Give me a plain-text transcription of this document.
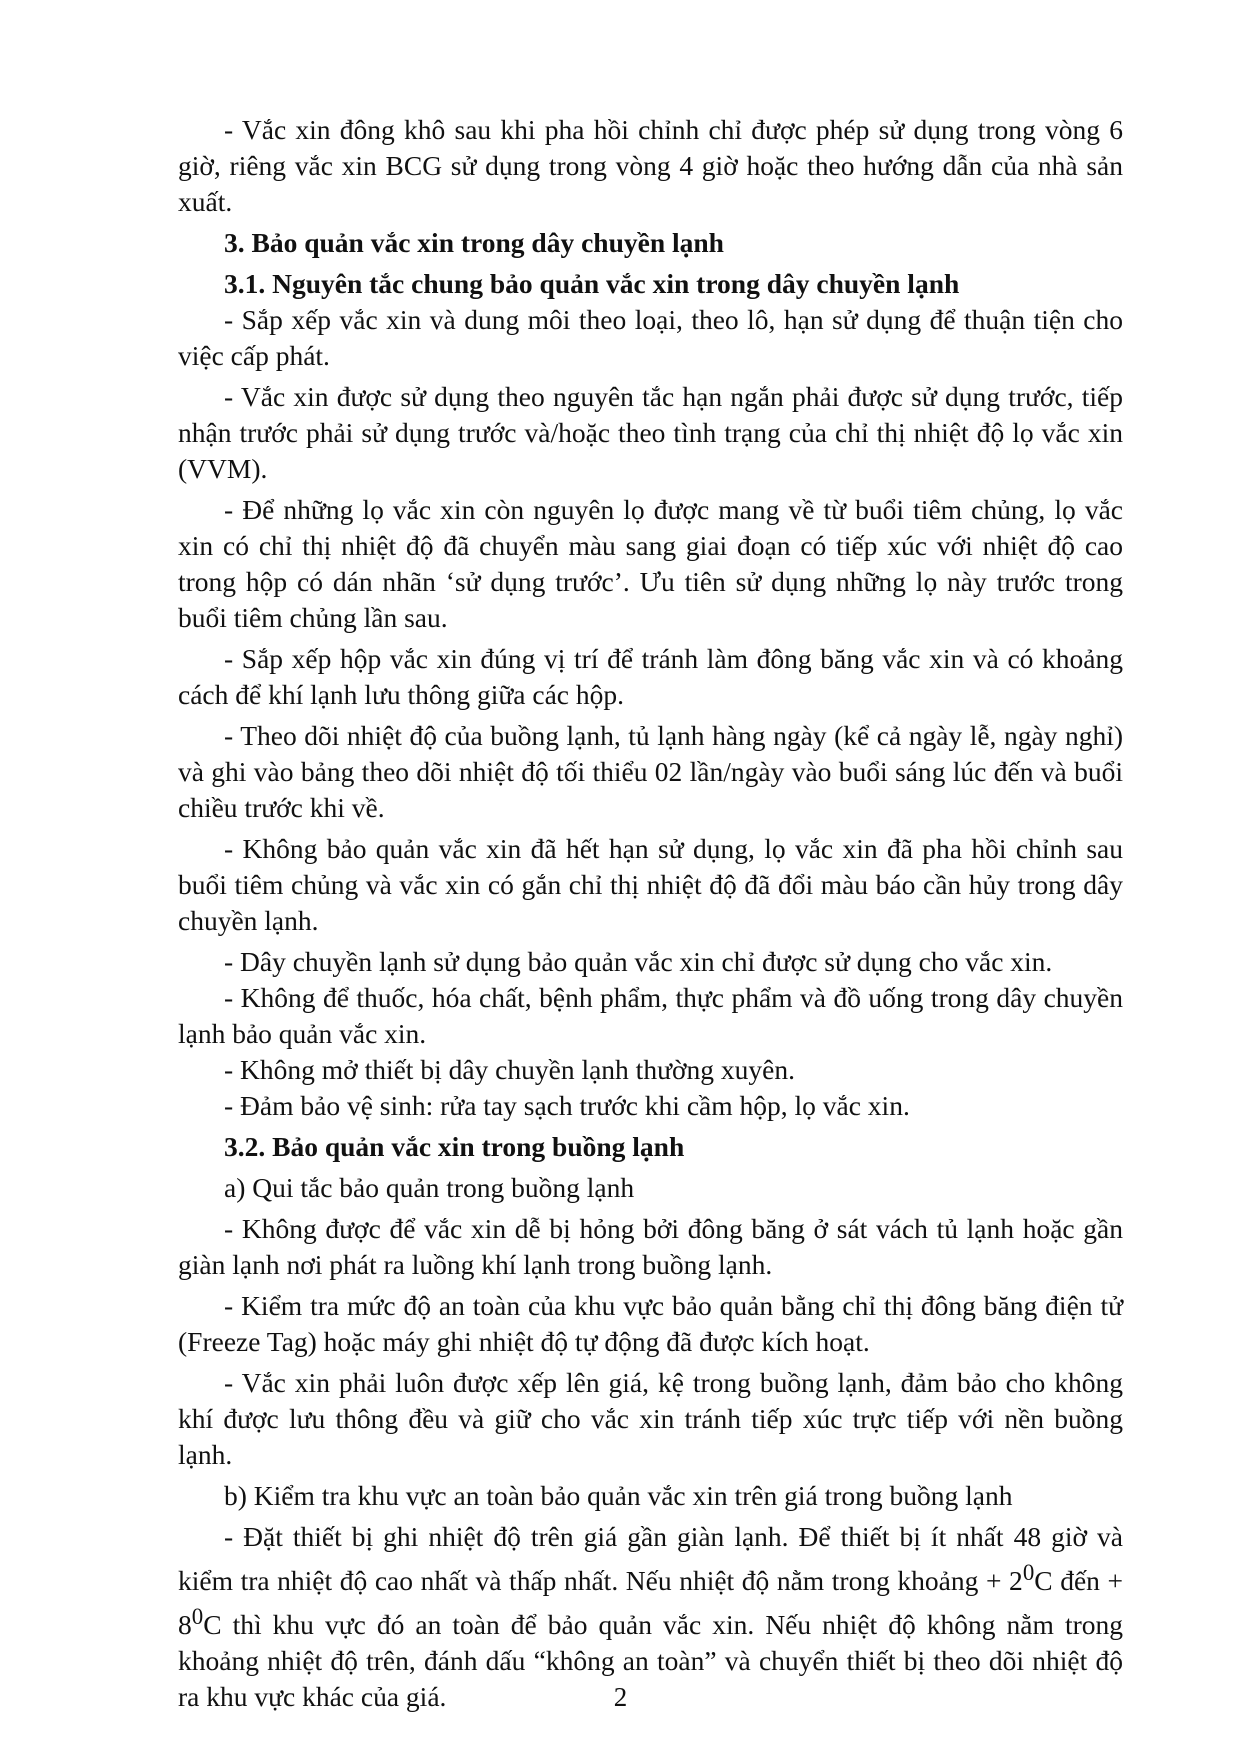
- Vắc xin đông khô sau khi pha hồi chỉnh chỉ được phép sử dụng trong vòng 6 giờ, riêng vắc xin BCG sử dụng trong vòng 4 giờ hoặc theo hướng dẫn của nhà sản xuất.

3. Bảo quản vắc xin trong dây chuyền lạnh

3.1. Nguyên tắc chung bảo quản vắc xin trong dây chuyền lạnh

- Sắp xếp vắc xin và dung môi theo loại, theo lô, hạn sử dụng để thuận tiện cho việc cấp phát.

- Vắc xin được sử dụng theo nguyên tắc hạn ngắn phải được sử dụng trước, tiếp nhận trước phải sử dụng trước và/hoặc theo tình trạng của chỉ thị nhiệt độ lọ vắc xin (VVM).

- Để những lọ vắc xin còn nguyên lọ được mang về từ buổi tiêm chủng, lọ vắc xin có chỉ thị nhiệt độ đã chuyển màu sang giai đoạn có tiếp xúc với nhiệt độ cao trong hộp có dán nhãn ‘sử dụng trước’. Ưu tiên sử dụng những lọ này trước trong buổi tiêm chủng lần sau.

- Sắp xếp hộp vắc xin đúng vị trí để tránh làm đông băng vắc xin và có khoảng cách để khí lạnh lưu thông giữa các hộp.

- Theo dõi nhiệt độ của buồng lạnh, tủ lạnh hàng ngày (kể cả ngày lễ, ngày nghỉ) và ghi vào bảng theo dõi nhiệt độ tối thiểu 02 lần/ngày vào buổi sáng lúc đến và buổi chiều trước khi về.

- Không bảo quản vắc xin đã hết hạn sử dụng, lọ vắc xin đã pha hồi chỉnh sau buổi tiêm chủng và vắc xin có gắn chỉ thị nhiệt độ đã đổi màu báo cần hủy trong dây chuyền lạnh.

- Dây chuyền lạnh sử dụng bảo quản vắc xin chỉ được sử dụng cho vắc xin.

- Không để thuốc, hóa chất, bệnh phẩm, thực phẩm và đồ uống trong dây chuyền lạnh bảo quản vắc xin.

- Không mở thiết bị dây chuyền lạnh thường xuyên.

- Đảm bảo vệ sinh: rửa tay sạch trước khi cầm hộp, lọ vắc xin.

3.2. Bảo quản vắc xin trong buồng lạnh

a) Qui tắc bảo quản trong buồng lạnh

- Không được để vắc xin dễ bị hỏng bởi đông băng ở sát vách tủ lạnh hoặc gần giàn lạnh nơi phát ra luồng khí lạnh trong buồng lạnh.

- Kiểm tra mức độ an toàn của khu vực bảo quản bằng chỉ thị đông băng điện tử (Freeze Tag) hoặc máy ghi nhiệt độ tự động đã được kích hoạt.

- Vắc xin phải luôn được xếp lên giá, kệ trong buồng lạnh, đảm bảo cho không khí được lưu thông đều và giữ cho vắc xin tránh tiếp xúc trực tiếp với nền buồng lạnh.

b) Kiểm tra khu vực an toàn bảo quản vắc xin trên giá trong buồng lạnh

- Đặt thiết bị ghi nhiệt độ trên giá gần giàn lạnh. Để thiết bị ít nhất 48 giờ và kiểm tra nhiệt độ cao nhất và thấp nhất. Nếu nhiệt độ nằm trong khoảng + $2^0C$ đến + $8^0C$ thì khu vực đó an toàn để bảo quản vắc xin. Nếu nhiệt độ không nằm trong khoảng nhiệt độ trên, đánh dấu “không an toàn” và chuyển thiết bị theo dõi nhiệt độ ra khu vực khác của giá.	2
